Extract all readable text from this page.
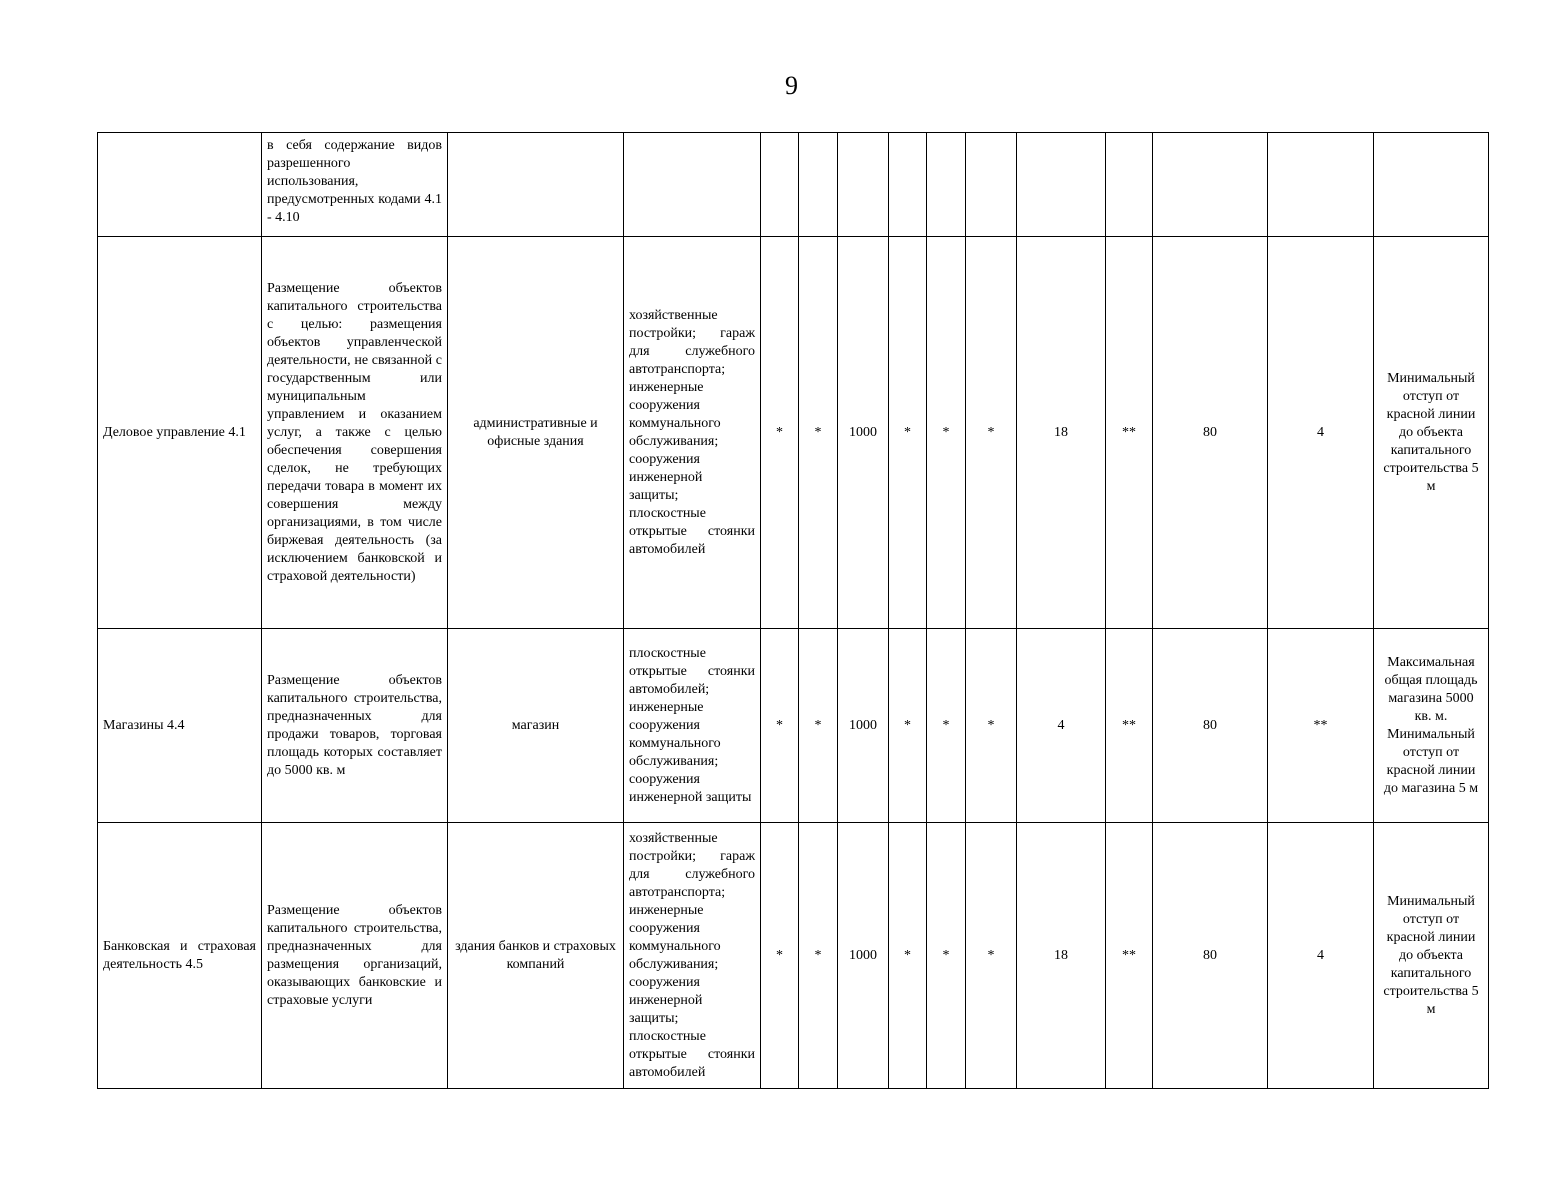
9
	в себя содержание видов разрешенного использования, предусмотренных кодами 4.1 - 4.10													
Деловое управление 4.1	Размещение объектов капитального строительства с целью: размещения объектов управленческой деятельности, не связанной с государственным или муниципальным управлением и оказанием услуг, а также с целью обеспечения совершения сделок, не требующих передачи товара в момент их совершения между организациями, в том числе биржевая деятельность (за исключением банковской и страховой деятельности)	административные и офисные здания	хозяйственные постройки; гараж для служебного автотранспорта; инженерные сооружения коммунального обслуживания; сооружения инженерной защиты; плоскостные открытые стоянки автомобилей	*	*	1000	*	*	*	18	**	80	4	Минимальный отступ от красной линии до объекта капитального строительства 5 м
Магазины 4.4	Размещение объектов капитального строительства, предназначенных для продажи товаров, торговая площадь которых составляет до 5000 кв. м	магазин	плоскостные открытые стоянки автомобилей; инженерные сооружения коммунального обслуживания; сооружения инженерной защиты	*	*	1000	*	*	*	4	**	80	**	Максимальная общая площадь магазина 5000 кв. м. Минимальный отступ от красной линии до магазина 5 м
Банковская и страховая деятельность 4.5	Размещение объектов капитального строительства, предназначенных для размещения организаций, оказывающих банковские и страховые услуги	здания банков и страховых компаний	хозяйственные постройки; гараж для служебного автотранспорта; инженерные сооружения коммунального обслуживания; сооружения инженерной защиты; плоскостные открытые стоянки автомобилей	*	*	1000	*	*	*	18	**	80	4	Минимальный отступ от красной линии до объекта капитального строительства 5 м
